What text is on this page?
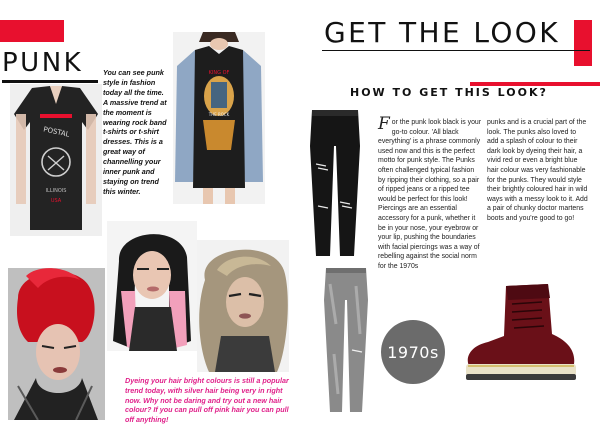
PUNK
POSTAL
ILLINOIS
USA
You can see punk style in fashion today all the time. A massive trend at the moment is wearing rock band t-shirts or t-shirt dresses. This is a great way of channelling your inner punk and staying on trend this winter.
KING OF
THE ROCK
Dyeing your hair bright colours is still a popular trend today, with silver hair being very in right now. Why not be daring and try out a new hair colour? If you can pull off pink hair you can pull off anything!
GET THE LOOK
HOW TO GET THIS LOOK?
For the punk look black is your go-to colour. 'All black everything' is a phrase commonly used now and this is the perfect motto for punk style. The Punks often challenged typical fashion by ripping their clothing, so a pair of ripped jeans or a ripped tee would be perfect for this look! Piercings are an essential accessory for a punk, whether it be in your nose, your eyebrow or your lip, pushing the boundaries with facial piercings was a way of rebelling against the social norm for the 1970s
punks and is a crucial part of the look. The punks also loved to add a splash of colour to their dark look by dyeing their hair, a vivid red or even a bright blue hair colour was very fashionable for the punks. They would style their brightly coloured hair in wild ways with a messy look to it. Add a pair of chunky doctor martens boots and you're good to go!
1970s
